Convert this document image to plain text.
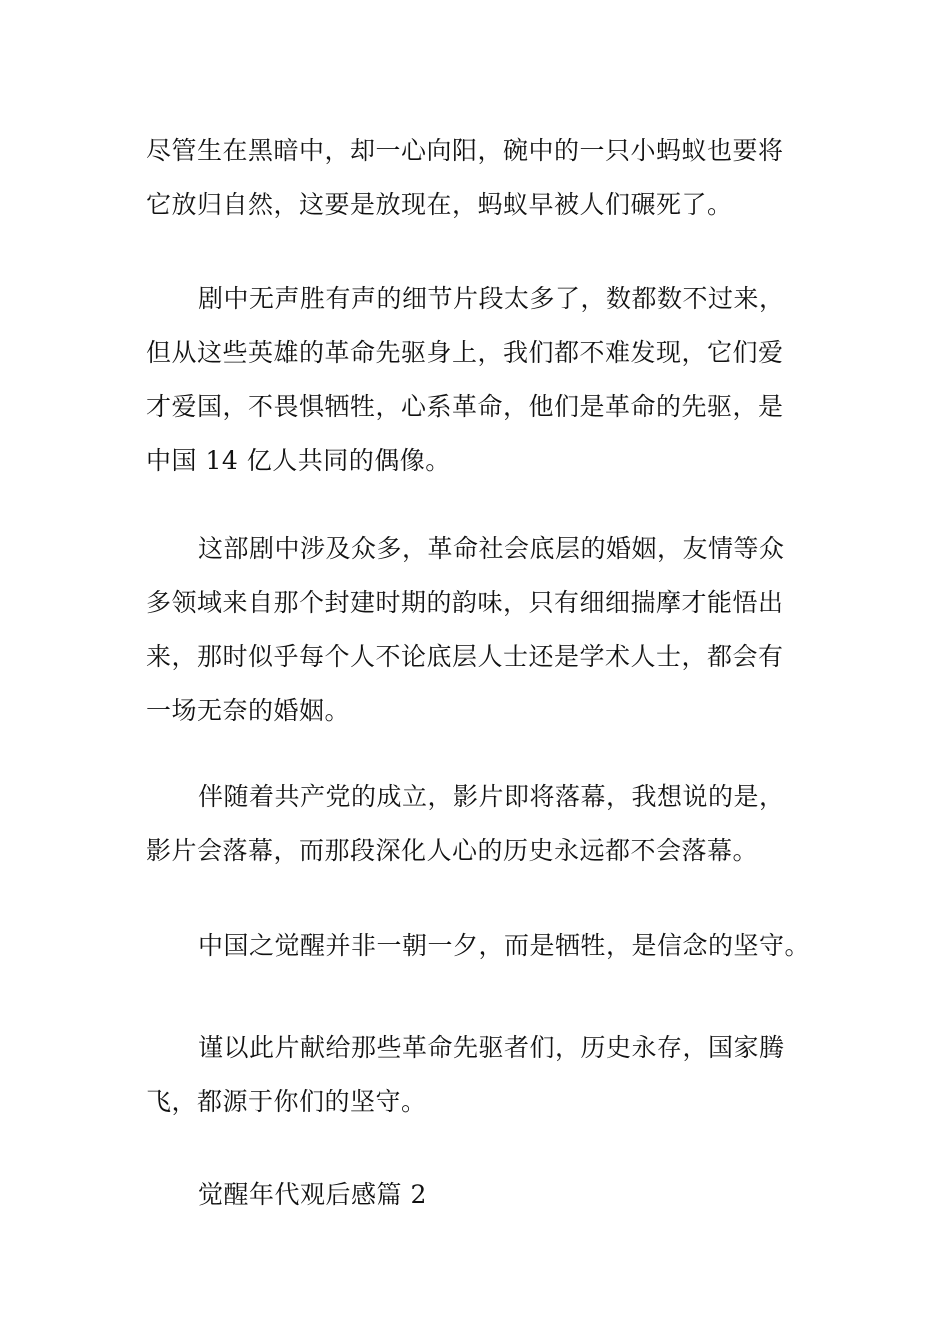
尽管生在黑暗中，却一心向阳，碗中的一只小蚂蚁也要将
它放归自然，这要是放现在，蚂蚁早被人们碾死了。

剧中无声胜有声的细节片段太多了，数都数不过来，
但从这些英雄的革命先驱身上，我们都不难发现，它们爱
才爱国，不畏惧牺牲，心系革命，他们是革命的先驱，是
中国 14 亿人共同的偶像。

这部剧中涉及众多，革命社会底层的婚姻，友情等众
多领域来自那个封建时期的韵味，只有细细揣摩才能悟出
来，那时似乎每个人不论底层人士还是学术人士，都会有
一场无奈的婚姻。

伴随着共产党的成立，影片即将落幕，我想说的是，
影片会落幕，而那段深化人心的历史永远都不会落幕。

中国之觉醒并非一朝一夕，而是牺牲，是信念的坚守。

谨以此片献给那些革命先驱者们，历史永存，国家腾
飞，都源于你们的坚守。

觉醒年代观后感篇 2
